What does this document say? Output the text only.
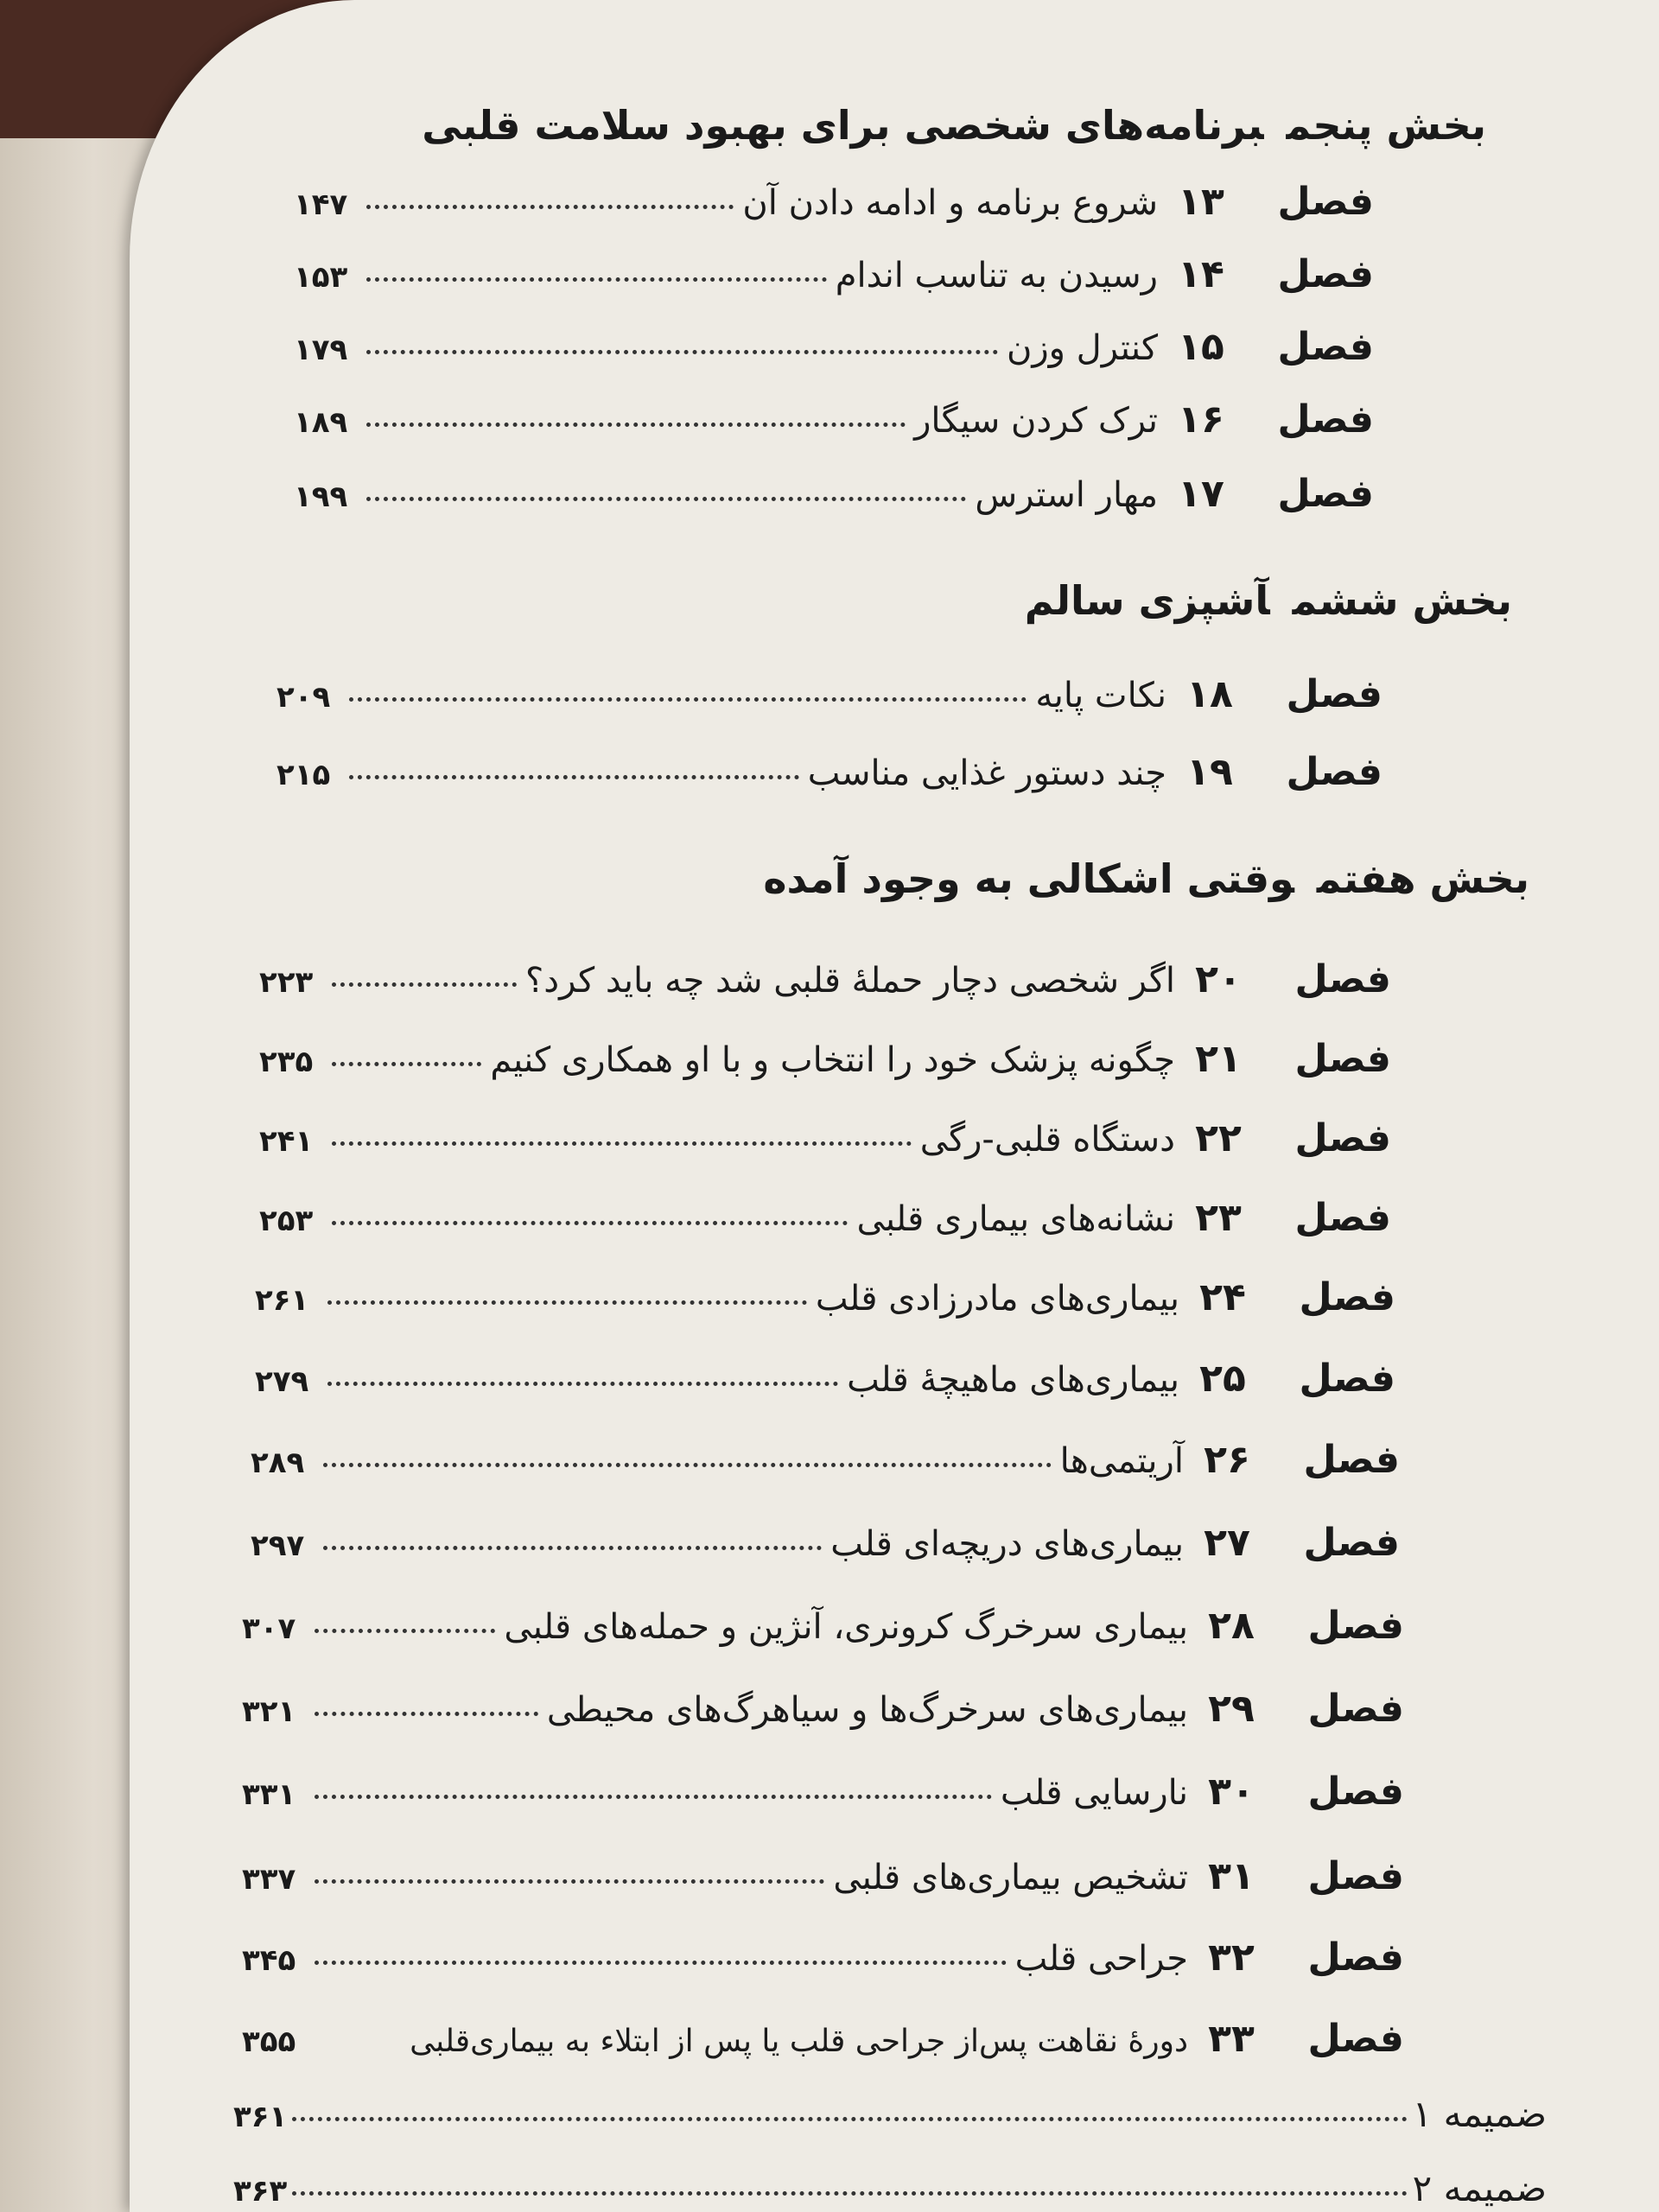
بخش پنجمبرنامه‌های شخصی برای بهبود سلامت قلبی
فصل
۱۳
شروع برنامه و ادامه دادن آن
۱۴۷
فصل
۱۴
رسیدن به تناسب اندام
۱۵۳
فصل
۱۵
کنترل وزن
۱۷۹
فصل
۱۶
ترک کردن سیگار
۱۸۹
فصل
۱۷
مهار استرس
۱۹۹
بخش ششمآشپزی سالم
فصل
۱۸
نکات پایه
۲۰۹
فصل
۱۹
چند دستور غذایی مناسب
۲۱۵
بخش هفتموقتی اشکالی به وجود آمده
فصل
۲۰
اگر شخصی دچار حملهٔ قلبی شد چه باید کرد؟
۲۲۳
فصل
۲۱
چگونه پزشک خود را انتخاب و با او همکاری کنیم
۲۳۵
فصل
۲۲
دستگاه قلبی-رگی
۲۴۱
فصل
۲۳
نشانه‌های بیماری قلبی
۲۵۳
فصل
۲۴
بیماری‌های مادرزادی قلب
۲۶۱
فصل
۲۵
بیماری‌های ماهیچهٔ قلب
۲۷۹
فصل
۲۶
آریتمی‌ها
۲۸۹
فصل
۲۷
بیماری‌های دریچه‌ای قلب
۲۹۷
فصل
۲۸
بیماری سرخرگ کرونری، آنژین و حمله‌های قلبی
۳۰۷
فصل
۲۹
بیماری‌های سرخرگ‌ها و سیاهرگ‌های محیطی
۳۲۱
فصل
۳۰
نارسایی قلب
۳۳۱
فصل
۳۱
تشخیص بیماری‌های قلبی
۳۳۷
فصل
۳۲
جراحی قلب
۳۴۵
فصل
۳۳
دورهٔ نقاهت پس‌از جراحی قلب یا پس از ابتلاء به بیماری‌قلبی
۳۵۵
ضمیمه ۱
۳۶۱
ضمیمه ۲
۳۶۳
